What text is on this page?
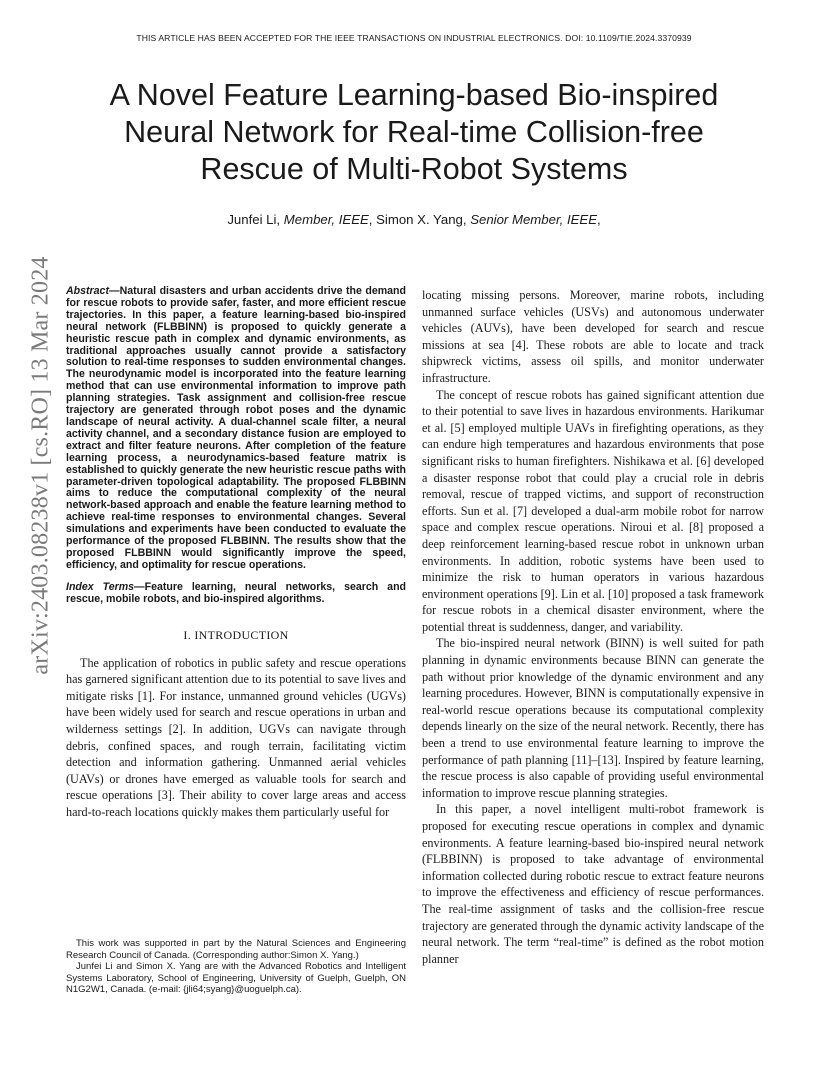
THIS ARTICLE HAS BEEN ACCEPTED FOR THE IEEE TRANSACTIONS ON INDUSTRIAL ELECTRONICS. DOI: 10.1109/TIE.2024.3370939
A Novel Feature Learning-based Bio-inspired
Neural Network for Real-time Collision-free
Rescue of Multi-Robot Systems
Junfei Li, Member, IEEE, Simon X. Yang, Senior Member, IEEE,
arXiv:2403.08238v1 [cs.RO] 13 Mar 2024 Abstract—Natural disasters and urban accidents drive the demand for rescue robots to provide safer, faster, and more efficient rescue trajectories. In this paper, a feature learning-based bio-inspired neural network (FLBBINN) is proposed to quickly generate a heuristic rescue path in complex and dynamic environments, as traditional approaches usually cannot provide a satisfactory solution to real-time responses to sudden environmental changes. The neurodynamic model is incorporated into the feature learning method that can use environmental information to improve path planning strategies. Task assignment and collision-free rescue trajectory are generated through robot poses and the dynamic landscape of neural activity. A dual-channel scale filter, a neural activity channel, and a secondary distance fusion are employed to extract and filter feature neurons. After completion of the feature learning process, a neurodynamics-based feature matrix is established to quickly generate the new heuristic rescue paths with parameter-driven topological adaptability. The proposed FLBBINN aims to reduce the computational complexity of the neural network-based approach and enable the feature learning method to achieve real-time responses to environmental changes. Several simulations and experiments have been conducted to evaluate the performance of the proposed FLBBINN. The results show that the proposed FLBBINN would significantly improve the speed, efficiency, and optimality for rescue operations.

Index Terms—Feature learning, neural networks, search and rescue, mobile robots, and bio-inspired algorithms.

I. INTRODUCTION

The application of robotics in public safety and rescue operations has garnered significant attention due to its potential to save lives and mitigate risks [1]. For instance, unmanned ground vehicles (UGVs) have been widely used for search and rescue operations in urban and wilderness settings [2]. In addition, UGVs can navigate through debris, confined spaces, and rough terrain, facilitating victim detection and information gathering. Unmanned aerial vehicles (UAVs) or drones have emerged as valuable tools for search and rescue operations [3]. Their ability to cover large areas and access hard-to-reach locations quickly makes them particularly useful for

This work was supported in part by the Natural Sciences and Engineering Research Council of Canada. (Corresponding author:Simon X. Yang.)

Junfei Li and Simon X. Yang are with the Advanced Robotics and Intelligent Systems Laboratory, School of Engineering, University of Guelph, Guelph, ON N1G2W1, Canada. (e-mail: {jli64;syang}@uoguelph.ca).

locating missing persons. Moreover, marine robots, including unmanned surface vehicles (USVs) and autonomous underwater vehicles (AUVs), have been developed for search and rescue missions at sea [4]. These robots are able to locate and track shipwreck victims, assess oil spills, and monitor underwater infrastructure.

The concept of rescue robots has gained significant attention due to their potential to save lives in hazardous environments. Harikumar et al. [5] employed multiple UAVs in firefighting operations, as they can endure high temperatures and hazardous environments that pose significant risks to human firefighters. Nishikawa et al. [6] developed a disaster response robot that could play a crucial role in debris removal, rescue of trapped victims, and support of reconstruction efforts. Sun et al. [7] developed a dual-arm mobile robot for narrow space and complex rescue operations. Niroui et al. [8] proposed a deep reinforcement learning-based rescue robot in unknown urban environments. In addition, robotic systems have been used to minimize the risk to human operators in various hazardous environment operations [9]. Lin et al. [10] proposed a task framework for rescue robots in a chemical disaster environment, where the potential threat is suddenness, danger, and variability.

The bio-inspired neural network (BINN) is well suited for path planning in dynamic environments because BINN can generate the path without prior knowledge of the dynamic environment and any learning procedures. However, BINN is computationally expensive in real-world rescue operations because its computational complexity depends linearly on the size of the neural network. Recently, there has been a trend to use environmental feature learning to improve the performance of path planning [11]–[13]. Inspired by feature learning, the rescue process is also capable of providing useful environmental information to improve rescue planning strategies.

In this paper, a novel intelligent multi-robot framework is proposed for executing rescue operations in complex and dynamic environments. A feature learning-based bio-inspired neural network (FLBBINN) is proposed to take advantage of environmental information collected during robotic rescue to extract feature neurons to improve the effectiveness and efficiency of rescue performances. The real-time assignment of tasks and the collision-free rescue trajectory are generated through the dynamic activity landscape of the neural network. The term “real-time” is defined as the robot motion planner
